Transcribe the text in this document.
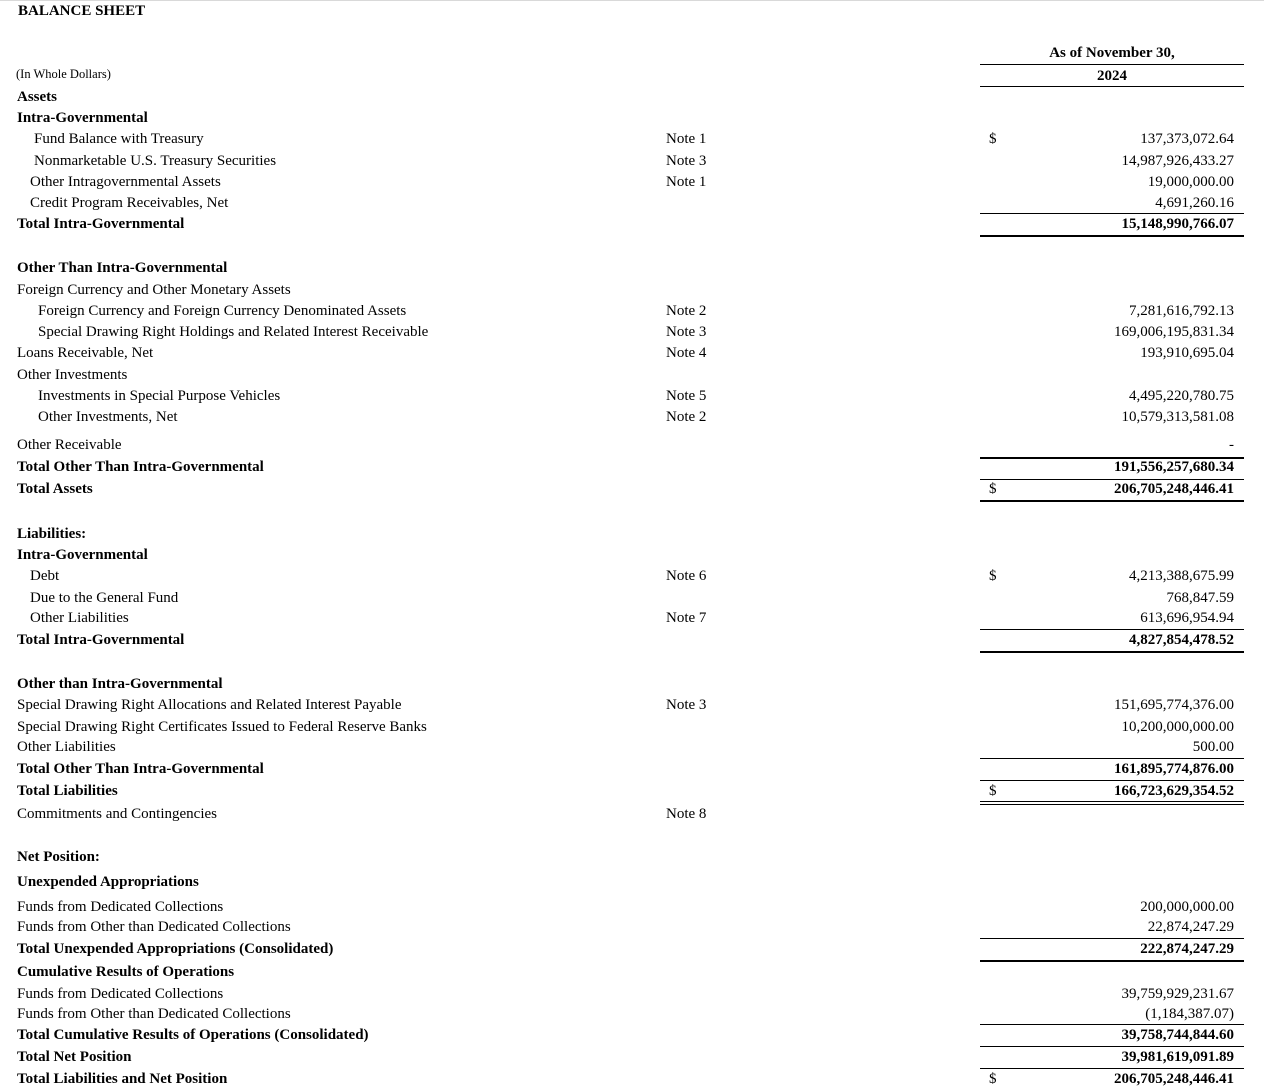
BALANCE SHEET
As of November 30,
2024
(In Whole Dollars)
Assets
Intra-Governmental
Fund Balance with Treasury	Note 1	$	137,373,072.64
Nonmarketable U.S. Treasury Securities	Note 3	14,987,926,433.27
Other Intragovernmental Assets	Note 1	19,000,000.00
Credit Program Receivables, Net	4,691,260.16
Total Intra-Governmental	15,148,990,766.07
Other Than Intra-Governmental
Foreign Currency and Other Monetary Assets
Foreign Currency and Foreign Currency Denominated Assets	Note 2	7,281,616,792.13
Special Drawing Right Holdings and Related Interest Receivable	Note 3	169,006,195,831.34
Loans Receivable, Net	Note 4	193,910,695.04
Other Investments
Investments in Special Purpose Vehicles	Note 5	4,495,220,780.75
Other Investments, Net	Note 2	10,579,313,581.08
Other Receivable	-
Total Other Than Intra-Governmental	191,556,257,680.34
Total Assets	$	206,705,248,446.41
Liabilities:
Intra-Governmental
Debt	Note 6	$	4,213,388,675.99
Due to the General Fund	768,847.59
Other Liabilities	Note 7	613,696,954.94
Total Intra-Governmental	4,827,854,478.52
Other than Intra-Governmental
Special Drawing Right Allocations and Related Interest Payable	Note 3	151,695,774,376.00
Special Drawing Right Certificates Issued to Federal Reserve Banks	10,200,000,000.00
Other Liabilities	500.00
Total Other Than Intra-Governmental	161,895,774,876.00
Total Liabilities	$	166,723,629,354.52
Commitments and Contingencies	Note 8
Net Position:
Unexpended Appropriations
Funds from Dedicated Collections	200,000,000.00
Funds from Other than Dedicated Collections	22,874,247.29
Total Unexpended Appropriations (Consolidated)	222,874,247.29
Cumulative Results of Operations
Funds from Dedicated Collections	39,759,929,231.67
Funds from Other than Dedicated Collections	(1,184,387.07)
Total Cumulative Results of Operations (Consolidated)	39,758,744,844.60
Total Net Position	39,981,619,091.89
Total Liabilities and Net Position	$	206,705,248,446.41
